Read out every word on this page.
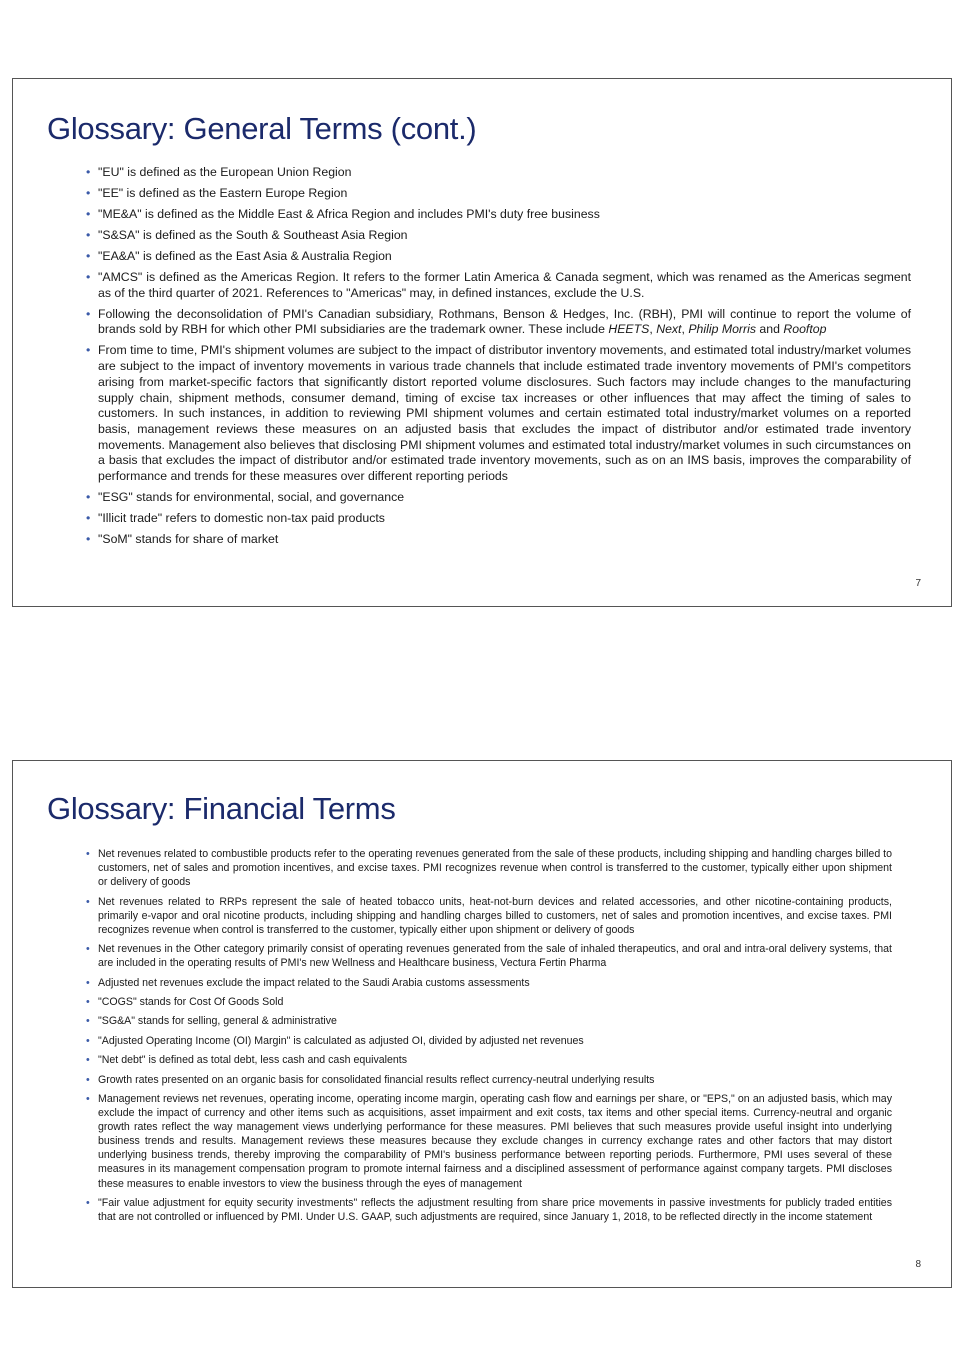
Glossary: General Terms (cont.)
• "EU" is defined as the European Union Region
• "EE" is defined as the Eastern Europe Region
• "ME&A" is defined as the Middle East & Africa Region and includes PMI's duty free business
• "S&SA" is defined as the South & Southeast Asia Region
• "EA&A" is defined as the East Asia & Australia Region
• "AMCS" is defined as the Americas Region. It refers to the former Latin America & Canada segment, which was renamed as the Americas segment as of the third quarter of 2021. References to "Americas" may, in defined instances, exclude the U.S.
• Following the deconsolidation of PMI's Canadian subsidiary, Rothmans, Benson & Hedges, Inc. (RBH), PMI will continue to report the volume of brands sold by RBH for which other PMI subsidiaries are the trademark owner. These include HEETS, Next, Philip Morris and Rooftop
• From time to time, PMI's shipment volumes are subject to the impact of distributor inventory movements, and estimated total industry/market volumes are subject to the impact of inventory movements in various trade channels that include estimated trade inventory movements of PMI's competitors arising from market-specific factors that significantly distort reported volume disclosures. Such factors may include changes to the manufacturing supply chain, shipment methods, consumer demand, timing of excise tax increases or other influences that may affect the timing of sales to customers. In such instances, in addition to reviewing PMI shipment volumes and certain estimated total industry/market volumes on a reported basis, management reviews these measures on an adjusted basis that excludes the impact of distributor and/or estimated trade inventory movements. Management also believes that disclosing PMI shipment volumes and estimated total industry/market volumes in such circumstances on a basis that excludes the impact of distributor and/or estimated trade inventory movements, such as on an IMS basis, improves the comparability of performance and trends for these measures over different reporting periods
• "ESG" stands for environmental, social, and governance
• "Illicit trade" refers to domestic non-tax paid products
• "SoM" stands for share of market
7
Glossary: Financial Terms
• Net revenues related to combustible products refer to the operating revenues generated from the sale of these products, including shipping and handling charges billed to customers, net of sales and promotion incentives, and excise taxes. PMI recognizes revenue when control is transferred to the customer, typically either upon shipment or delivery of goods
• Net revenues related to RRPs represent the sale of heated tobacco units, heat-not-burn devices and related accessories, and other nicotine-containing products, primarily e-vapor and oral nicotine products, including shipping and handling charges billed to customers, net of sales and promotion incentives, and excise taxes. PMI recognizes revenue when control is transferred to the customer, typically either upon shipment or delivery of goods
• Net revenues in the Other category primarily consist of operating revenues generated from the sale of inhaled therapeutics, and oral and intra-oral delivery systems, that are included in the operating results of PMI's new Wellness and Healthcare business, Vectura Fertin Pharma
• Adjusted net revenues exclude the impact related to the Saudi Arabia customs assessments
• "COGS" stands for Cost Of Goods Sold
• "SG&A" stands for selling, general & administrative
• "Adjusted Operating Income (OI) Margin" is calculated as adjusted OI, divided by adjusted net revenues
• "Net debt" is defined as total debt, less cash and cash equivalents
• Growth rates presented on an organic basis for consolidated financial results reflect currency-neutral underlying results
• Management reviews net revenues, operating income, operating income margin, operating cash flow and earnings per share, or "EPS," on an adjusted basis, which may exclude the impact of currency and other items such as acquisitions, asset impairment and exit costs, tax items and other special items. Currency-neutral and organic growth rates reflect the way management views underlying performance for these measures. PMI believes that such measures provide useful insight into underlying business trends and results. Management reviews these measures because they exclude changes in currency exchange rates and other factors that may distort underlying business trends, thereby improving the comparability of PMI's business performance between reporting periods. Furthermore, PMI uses several of these measures in its management compensation program to promote internal fairness and a disciplined assessment of performance against company targets. PMI discloses these measures to enable investors to view the business through the eyes of management
• "Fair value adjustment for equity security investments" reflects the adjustment resulting from share price movements in passive investments for publicly traded entities that are not controlled or influenced by PMI. Under U.S. GAAP, such adjustments are required, since January 1, 2018, to be reflected directly in the income statement
8
